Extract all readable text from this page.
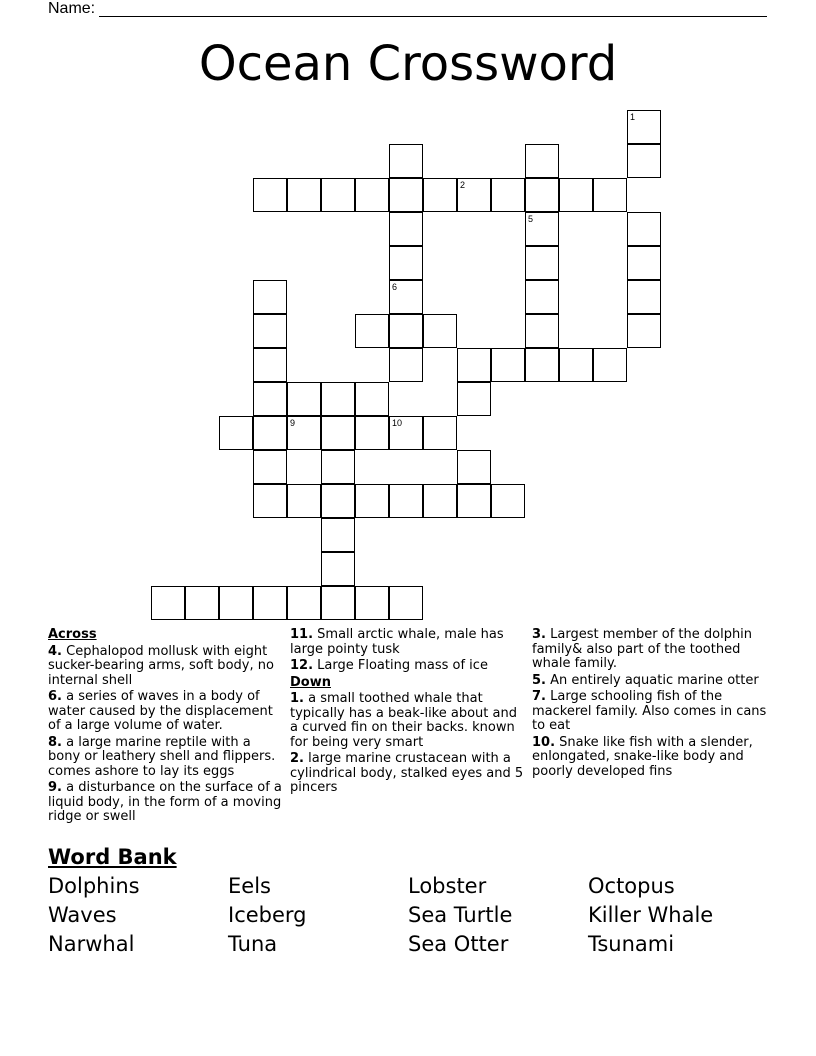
Name:
Ocean Crossword
9	10
2
6
5
1
Across
4. Cephalopod mollusk with eight sucker-bearing arms, soft body, no internal shell
6. a series of waves in a body of water caused by the displacement of a large volume of water.
8. a large marine reptile with a bony or leathery shell and flippers. comes ashore to lay its eggs
9. a disturbance on the surface of a liquid body, in the form of a moving ridge or swell
11. Small arctic whale, male has large pointy tusk
12. Large Floating mass of ice
Down
1. a small toothed whale that typically has a beak-like about and a curved fin on their backs. known for being very smart
2. large marine crustacean with a cylindrical body, stalked eyes and 5 pincers
3. Largest member of the dolphin family& also part of the toothed whale family.
5. An entirely aquatic marine otter
7. Large schooling fish of the mackerel family. Also comes in cans to eat
10. Snake like fish with a slender, enlongated, snake-like body and poorly developed fins
Word Bank
Dolphins	Eels	Lobster	Octopus
Waves	Iceberg	Sea Turtle	Killer Whale
Narwhal	Tuna	Sea Otter	Tsunami
